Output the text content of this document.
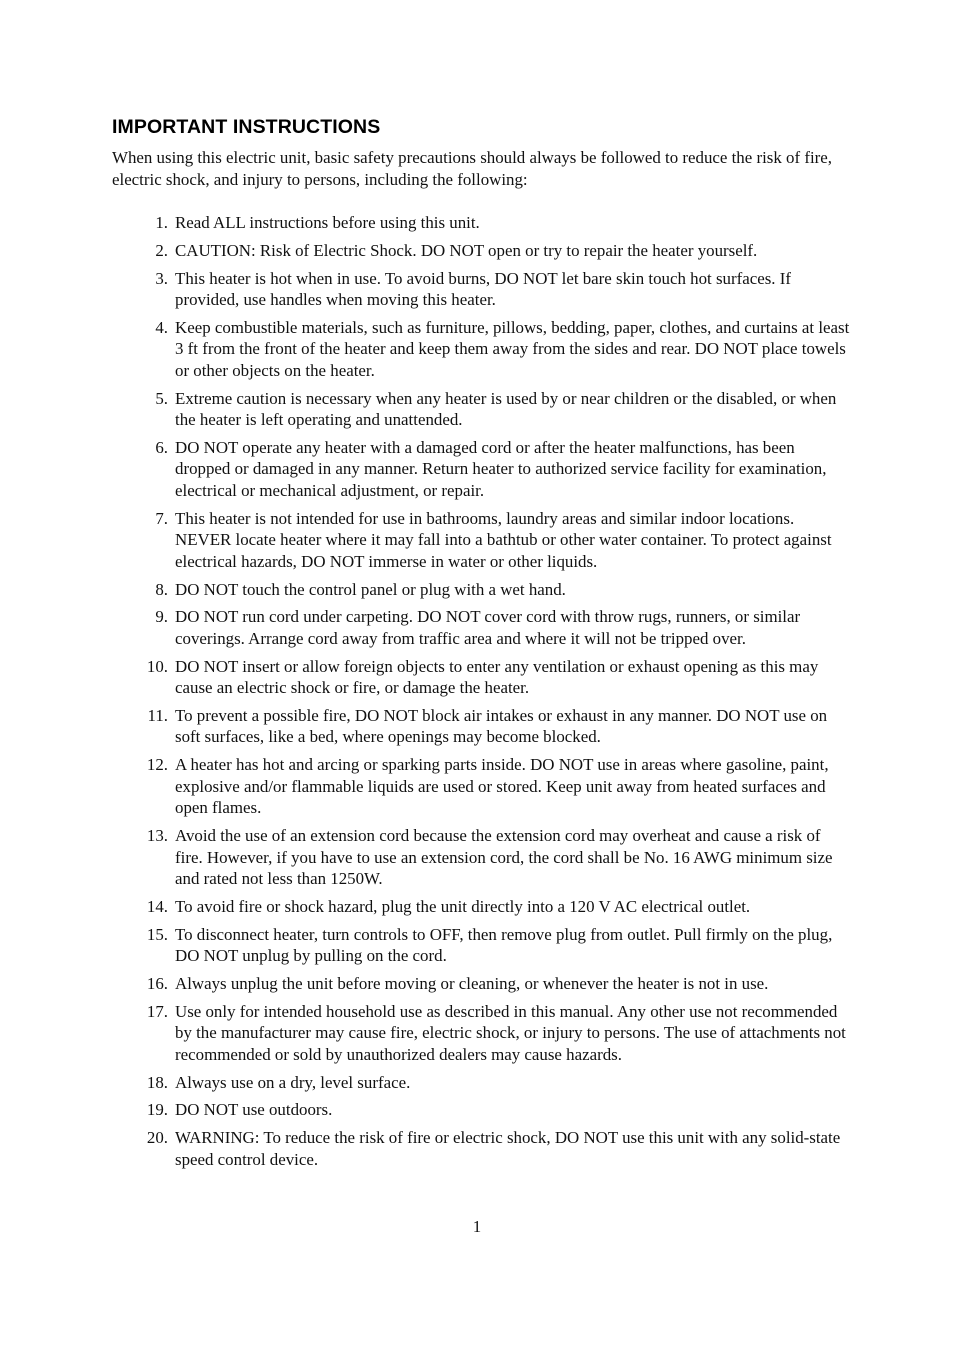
IMPORTANT INSTRUCTIONS

When using this electric unit, basic safety precautions should always be followed to reduce the risk of fire, electric shock, and injury to persons, including the following:

1. Read ALL instructions before using this unit.
2. CAUTION: Risk of Electric Shock. DO NOT open or try to repair the heater yourself.
3. This heater is hot when in use. To avoid burns, DO NOT let bare skin touch hot surfaces. If provided, use handles when moving this heater.
4. Keep combustible materials, such as furniture, pillows, bedding, paper, clothes, and curtains at least 3 ft from the front of the heater and keep them away from the sides and rear. DO NOT place towels or other objects on the heater.
5. Extreme caution is necessary when any heater is used by or near children or the disabled, or when the heater is left operating and unattended.
6. DO NOT operate any heater with a damaged cord or after the heater malfunctions, has been dropped or damaged in any manner. Return heater to authorized service facility for examination, electrical or mechanical adjustment, or repair.
7. This heater is not intended for use in bathrooms, laundry areas and similar indoor locations. NEVER locate heater where it may fall into a bathtub or other water container. To protect against electrical hazards, DO NOT immerse in water or other liquids.
8. DO NOT touch the control panel or plug with a wet hand.
9. DO NOT run cord under carpeting. DO NOT cover cord with throw rugs, runners, or similar coverings. Arrange cord away from traffic area and where it will not be tripped over.
10. DO NOT insert or allow foreign objects to enter any ventilation or exhaust opening as this may cause an electric shock or fire, or damage the heater.
11. To prevent a possible fire, DO NOT block air intakes or exhaust in any manner. DO NOT use on soft surfaces, like a bed, where openings may become blocked.
12. A heater has hot and arcing or sparking parts inside. DO NOT use in areas where gasoline, paint, explosive and/or flammable liquids are used or stored. Keep unit away from heated surfaces and open flames.
13. Avoid the use of an extension cord because the extension cord may overheat and cause a risk of fire. However, if you have to use an extension cord, the cord shall be No. 16 AWG minimum size and rated not less than 1250W.
14. To avoid fire or shock hazard, plug the unit directly into a 120 V AC electrical outlet.
15. To disconnect heater, turn controls to OFF, then remove plug from outlet. Pull firmly on the plug, DO NOT unplug by pulling on the cord.
16. Always unplug the unit before moving or cleaning, or whenever the heater is not in use.
17. Use only for intended household use as described in this manual. Any other use not recommended by the manufacturer may cause fire, electric shock, or injury to persons. The use of attachments not recommended or sold by unauthorized dealers may cause hazards.
18. Always use on a dry, level surface.
19. DO NOT use outdoors.
20. WARNING: To reduce the risk of fire or electric shock, DO NOT use this unit with any solid-state speed control device.
1
